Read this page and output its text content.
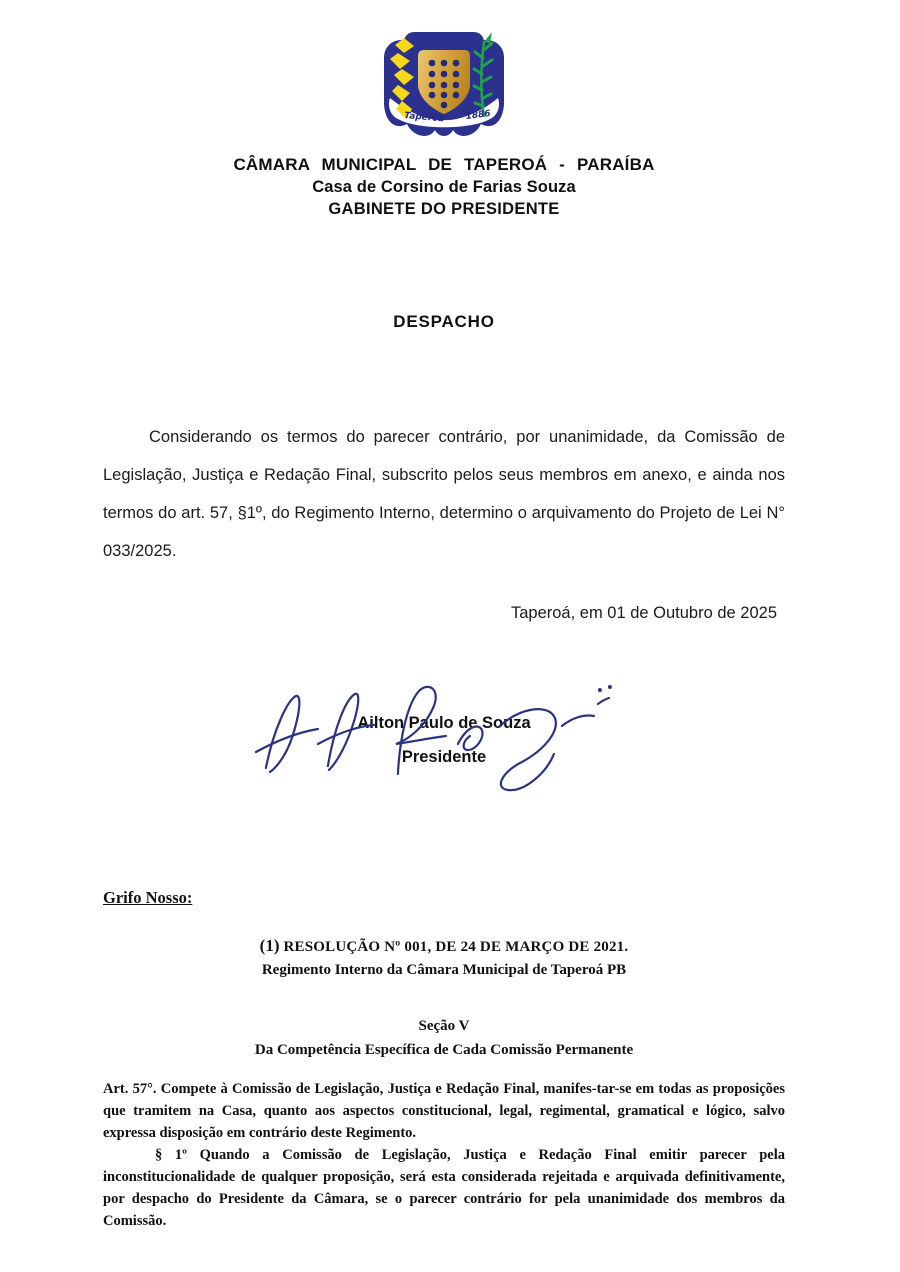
Taperoá 1886
CÂMARA MUNICIPAL DE TAPEROÁ - PARAÍBA
Casa de Corsino de Farias Souza
GABINETE DO PRESIDENTE
DESPACHO

Considerando os termos do parecer contrário, por unanimidade, da Comissão de Legislação, Justiça e Redação Final, subscrito pelos seus membros em anexo, e ainda nos termos do art. 57, §1º, do Regimento Interno, determino o arquivamento do Projeto de Lei N° 033/2025.

Taperoá, em 01 de Outubro de 2025
Ailton Paulo de Souza
Presidente
Grifo Nosso:
(1) RESOLUÇÃO Nº 001, DE 24 DE MARÇO DE 2021.
Regimento Interno da Câmara Municipal de Taperoá PB
Seção V
Da Competência Específica de Cada Comissão Permanente

Art. 57°. Compete à Comissão de Legislação, Justiça e Redação Final, manifes-tar-se em todas as proposições que tramitem na Casa, quanto aos aspectos constitucional, legal, regimental, gramatical e lógico, salvo expressa disposição em contrário deste Regimento.

§ 1º Quando a Comissão de Legislação, Justiça e Redação Final emitir parecer pela inconstitucionalidade de qualquer proposição, será esta considerada rejeitada e arquivada definitivamente, por despacho do Presidente da Câmara, se o parecer contrário for pela unanimidade dos membros da Comissão.
